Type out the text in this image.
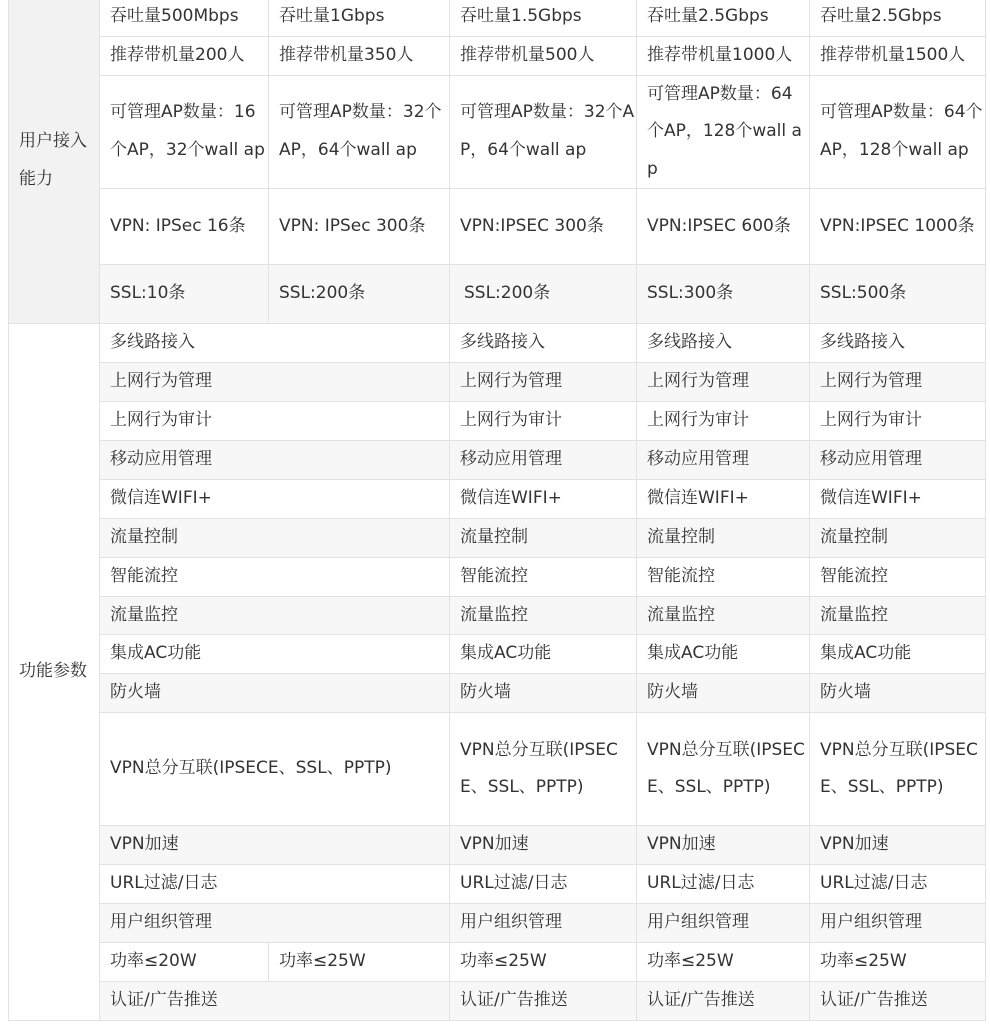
用户接入能力	吞吐量500Mbps	吞吐量1Gbps	吞吐量1.5Gbps	吞吐量2.5Gbps	吞吐量2.5Gbps
	推荐带机量200人	推荐带机量350人	推荐带机量500人	推荐带机量1000人	推荐带机量1500人
	可管理AP数量：16个AP，32个wall ap	可管理AP数量：32个AP，64个wall ap	可管理AP数量：32个AP，64个wall ap	可管理AP数量：64个AP，128个wall ap	可管理AP数量：64个AP，128个wall ap
	VPN: IPSec 16条	VPN: IPSec 300条	VPN:IPSEC 300条	VPN:IPSEC 600条	VPN:IPSEC 1000条
	SSL:10条	SSL:200条	SSL:200条	SSL:300条	SSL:500条
功能参数	多线路接入		多线路接入	多线路接入	多线路接入
	上网行为管理		上网行为管理	上网行为管理	上网行为管理
	上网行为审计		上网行为审计	上网行为审计	上网行为审计
	移动应用管理		移动应用管理	移动应用管理	移动应用管理
	微信连WIFI+		微信连WIFI+	微信连WIFI+	微信连WIFI+
	流量控制		流量控制	流量控制	流量控制
	智能流控		智能流控	智能流控	智能流控
	流量监控		流量监控	流量监控	流量监控
	集成AC功能		集成AC功能	集成AC功能	集成AC功能
	防火墙		防火墙	防火墙	防火墙
	VPN总分互联(IPSECE、SSL、PPTP)		VPN总分互联(IPSECE、SSL、PPTP)	VPN总分互联(IPSECE、SSL、PPTP)	VPN总分互联(IPSECE、SSL、PPTP)
	VPN加速		VPN加速	VPN加速	VPN加速
	URL过滤/日志		URL过滤/日志	URL过滤/日志	URL过滤/日志
	用户组织管理		用户组织管理	用户组织管理	用户组织管理
	功率≤20W	功率≤25W	功率≤25W	功率≤25W	功率≤25W
	认证/广告推送		认证/广告推送	认证/广告推送	认证/广告推送
